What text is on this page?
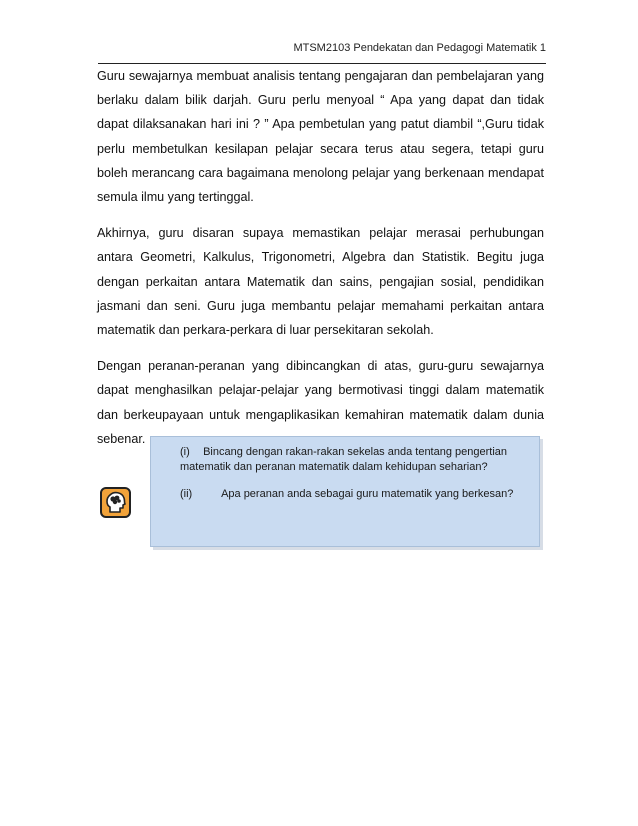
MTSM2103 Pendekatan dan Pedagogi Matematik 1

Guru sewajarnya membuat analisis tentang pengajaran dan pembelajaran yang berlaku dalam bilik darjah. Guru perlu menyoal “ Apa yang dapat dan tidak dapat dilaksanakan hari ini ? ” Apa pembetulan yang patut diambil “,Guru tidak perlu membetulkan kesilapan pelajar secara terus atau segera, tetapi guru boleh merancang cara bagaimana menolong pelajar yang berkenaan mendapat semula ilmu yang tertinggal.

Akhirnya, guru disaran supaya memastikan pelajar merasai perhubungan antara Geometri, Kalkulus, Trigonometri, Algebra dan Statistik. Begitu juga dengan perkaitan antara Matematik dan sains, pengajian sosial, pendidikan jasmani dan seni. Guru juga membantu pelajar memahami perkaitan antara matematik dan perkara-perkara di luar persekitaran sekolah.

Dengan peranan-peranan yang dibincangkan di atas, guru-guru sewajarnya dapat menghasilkan pelajar-pelajar yang bermotivasi tinggi dalam matematik dan berkeupayaan untuk mengaplikasikan kemahiran matematik dalam dunia sebenar.

(i) Bincang dengan rakan-rakan sekelas anda tentang pengertian matematik dan peranan matematik dalam kehidupan seharian?
(ii)	Apa peranan anda sebagai guru matematik yang berkesan?
